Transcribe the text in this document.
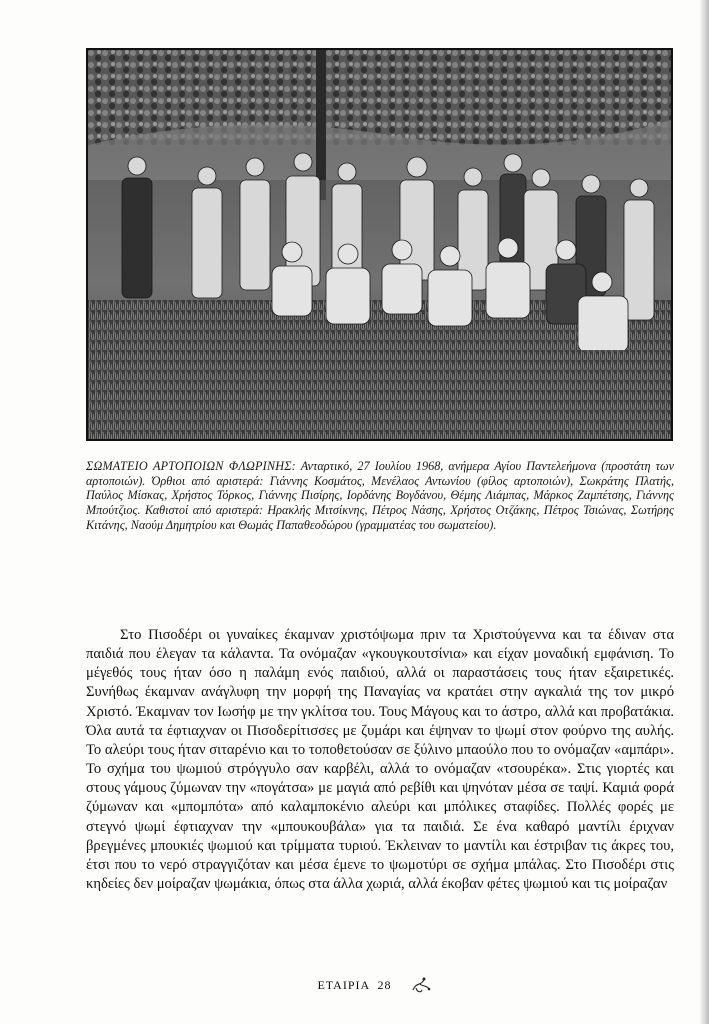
ΣΩΜΑΤΕΙΟ ΑΡΤΟΠΟΙΩΝ ΦΛΩΡΙΝΗΣ: Ανταρτικό, 27 Ιουλίου 1968, ανήμερα Αγίου Παντελεήμονα (προστάτη των αρτοποιών). Όρθιοι από αριστερά: Γιάννης Κοσμάτος, Μενέλαος Αντωνίου (φίλος αρτοποιών), Σωκράτης Πλατής, Παύλος Μίσκας, Χρήστος Τόρκος, Γιάννης Πισίρης, Ιορδάνης Βογδάνου, Θέμης Λιάμπας, Μάρκος Ζαμπέτσης, Γιάννης Μπούτζιος. Καθιστοί από αριστερά: Ηρακλής Μιτσίκνης, Πέτρος Νάσης, Χρήστος Οτζάκης, Πέτρος Τσιώνας, Σωτήρης Κιτάνης, Ναούμ Δημητρίου και Θωμάς Παπαθεοδώρου (γραμματέας του σωματείου).

Στο Πισοδέρι οι γυναίκες έκαμναν χριστόψωμα πριν τα Χριστούγεννα και τα έδιναν στα παιδιά που έλεγαν τα κάλαντα. Τα ονόμαζαν «γκουγκουτσίνια» και είχαν μοναδική εμφάνιση. Το μέγεθός τους ήταν όσο η παλάμη ενός παιδιού, αλλά οι παραστάσεις τους ήταν εξαιρετικές. Συνήθως έκαμναν ανάγλυφη την μορφή της Παναγίας να κρατάει στην αγκαλιά της τον μικρό Χριστό. Έκαμναν τον Ιωσήφ με την γκλίτσα του. Τους Μάγους και το άστρο, αλλά και προβατάκια. Όλα αυτά τα έφτιαχναν οι Πισοδερίτισσες με ζυμάρι και έψηναν το ψωμί στον φούρνο της αυλής. Το αλεύρι τους ήταν σιταρένιο και το τοποθετούσαν σε ξύλινο μπαούλο που το ονόμαζαν «αμπάρι». Το σχήμα του ψωμιού στρόγγυλο σαν καρβέλι, αλλά το ονόμαζαν «τσουρέκα». Στις γιορτές και στους γάμους ζύμωναν την «πογάτσα» με μαγιά από ρεβίθι και ψηνόταν μέσα σε ταψί. Καμιά φορά ζύμωναν και «μπομπότα» από καλαμποκένιο αλεύρι και μπόλικες σταφίδες. Πολλές φορές με στεγνό ψωμί έφτιαχναν την «μπουκουβάλα» για τα παιδιά. Σε ένα καθαρό μαντίλι έριχναν βρεγμένες μπουκιές ψωμιού και τρίμματα τυριού. Έκλειναν το μαντίλι και έστριβαν τις άκρες του, έτσι που το νερό στραγγιζόταν και μέσα έμενε το ψωμοτύρι σε σχήμα μπάλας. Στο Πισοδέρι στις κηδείες δεν μοίραζαν ψωμάκια, όπως στα άλλα χωριά, αλλά έκοβαν φέτες ψωμιού και τις μοίραζαν

ΕΤΑΙΡΙΑ 28
